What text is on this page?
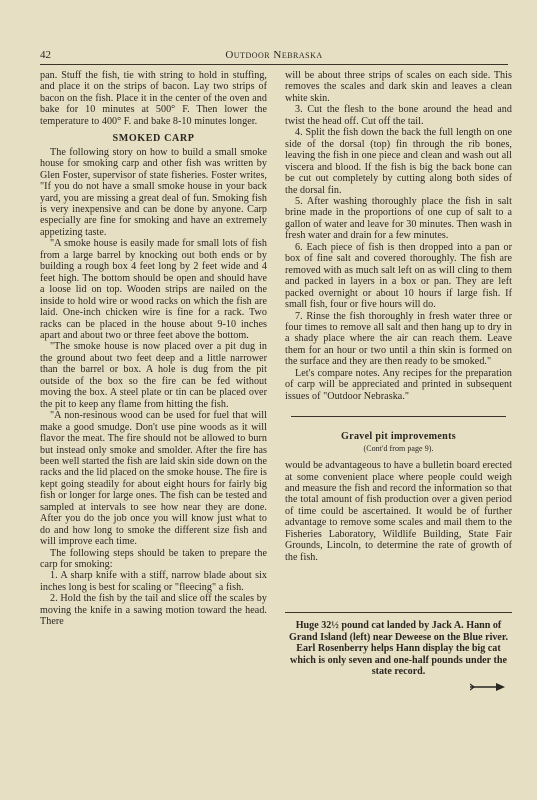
42	Outdoor Nebraska

pan. Stuff the fish, tie with string to hold in stuffing, and place it on the strips of bacon. Lay two strips of bacon on the fish. Place it in the center of the oven and bake for 10 minutes at 500° F. Then lower the temperature to 400° F. and bake 8-10 minutes longer.

SMOKED CARP

The following story on how to build a small smoke house for smoking carp and other fish was written by Glen Foster, supervisor of state fisheries. Foster writes, "If you do not have a small smoke house in your back yard, you are missing a great deal of fun. Smoking fish is very inexpensive and can be done by anyone. Carp especially are fine for smoking and have an extremely appetizing taste.

"A smoke house is easily made for small lots of fish from a large barrel by knocking out both ends or by building a rough box 4 feet long by 2 feet wide and 4 feet high. The bottom should be open and should have a loose lid on top. Wooden strips are nailed on the inside to hold wire or wood racks on which the fish are laid. One-inch chicken wire is fine for a rack. Two racks can be placed in the house about 9-10 inches apart and about two or three feet above the bottom.

"The smoke house is now placed over a pit dug in the ground about two feet deep and a little narrower than the barrel or box. A hole is dug from the pit outside of the box so the fire can be fed without moving the box. A steel plate or tin can be placed over the pit to keep any flame from hitting the fish.

"A non-resinous wood can be used for fuel that will make a good smudge. Don't use pine woods as it will flavor the meat. The fire should not be allowed to burn but instead only smoke and smolder. After the fire has been well started the fish are laid skin side down on the racks and the lid placed on the smoke house. The fire is kept going steadily for about eight hours for fairly big fish or longer for large ones. The fish can be tested and sampled at intervals to see how near they are done. After you do the job once you will know just what to do and how long to smoke the different size fish and will improve each time.

The following steps should be taken to prepare the carp for smoking:

1. A sharp knife with a stiff, narrow blade about six inches long is best for scaling or "fleecing" a fish.

2. Hold the fish by the tail and slice off the scales by moving the knife in a sawing motion toward the head. There

will be about three strips of scales on each side. This removes the scales and dark skin and leaves a clean white skin.

3. Cut the flesh to the bone around the head and twist the head off. Cut off the tail.

4. Split the fish down the back the full length on one side of the dorsal (top) fin through the rib bones, leaving the fish in one piece and clean and wash out all viscera and blood. If the fish is big the back bone can be cut out completely by cutting along both sides of the dorsal fin.

5. After washing thoroughly place the fish in salt brine made in the proportions of one cup of salt to a gallon of water and leave for 30 minutes. Then wash in fresh water and drain for a few minutes.

6. Each piece of fish is then dropped into a pan or box of fine salt and covered thoroughly. The fish are removed with as much salt left on as will cling to them and packed in layers in a box or pan. They are left packed overnight or about 10 hours if large fish. If small fish, four or five hours will do.

7. Rinse the fish thoroughly in fresh water three or four times to remove all salt and then hang up to dry in a shady place where the air can reach them. Leave them for an hour or two until a thin skin is formed on the surface and they are then ready to be smoked."

Let's compare notes. Any recipes for the preparation of carp will be appreciated and printed in subsequent issues of "Outdoor Nebraska."

Gravel pit improvements
(Cont'd from page 9).

would be advantageous to have a bulletin board erected at some convenient place where people could weigh and measure the fish and record the information so that the total amount of fish production over a given period of time could be ascertained. It would be of further advantage to remove some scales and mail them to the Fisheries Laboratory, Wildlife Building, State Fair Grounds, Lincoln, to determine the rate of growth of the fish.

Huge 32½ pound cat landed by Jack A. Hann of Grand Island (left) near Deweese on the Blue river. Earl Rosenberry helps Hann display the big cat which is only seven and one-half pounds under the state record.
